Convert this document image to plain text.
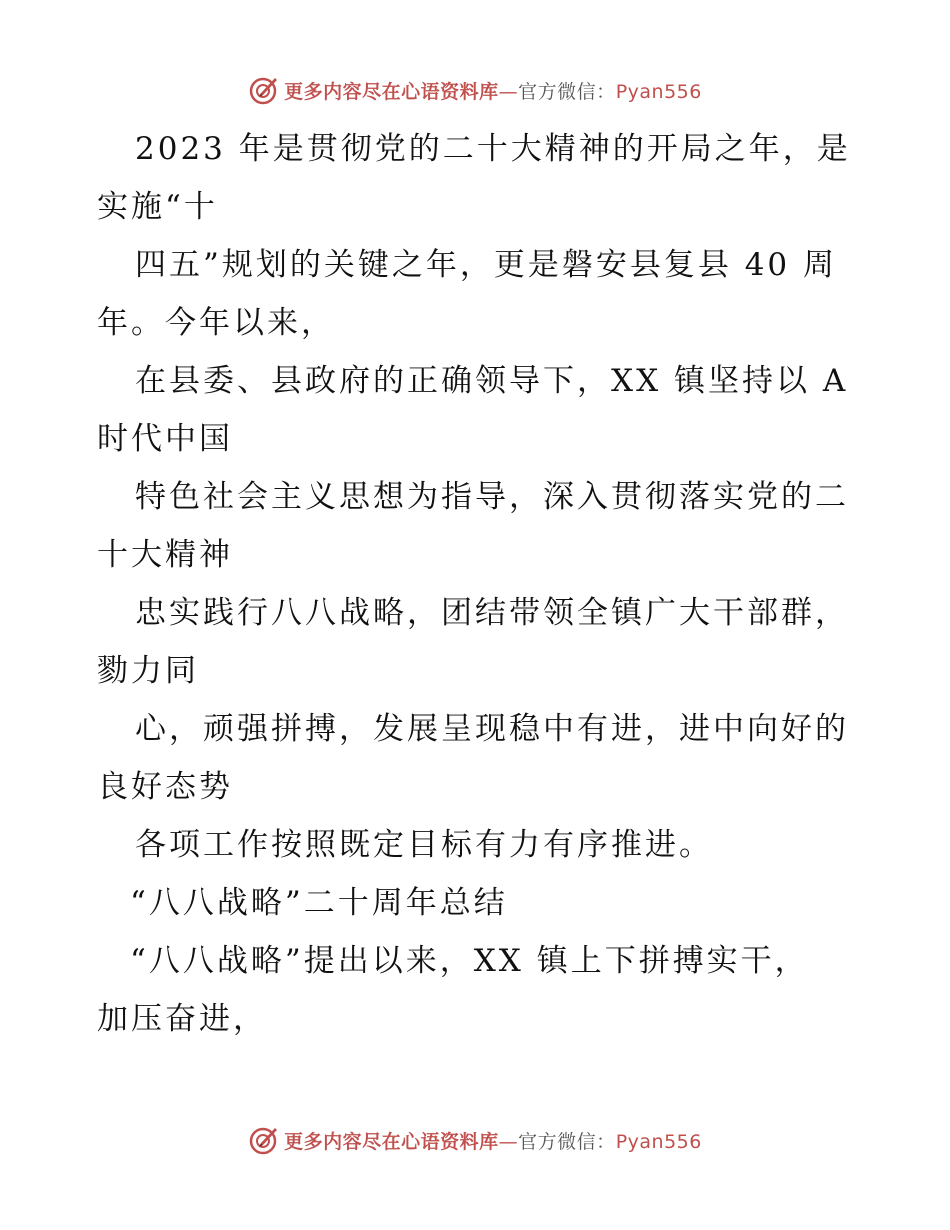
更多内容尽在心语资料库—官方微信：Pyan556
2023 年是贯彻党的二十大精神的开局之年，是
实施“十
四五”规划的关键之年，更是磐安县复县 40 周
年。今年以来，
在县委、县政府的正确领导下，XX 镇坚持以 A
时代中国
特色社会主义思想为指导，深入贯彻落实党的二
十大精神
忠实践行八八战略，团结带领全镇广大干部群，
勠力同
心，顽强拼搏，发展呈现稳中有进，进中向好的
良好态势
各项工作按照既定目标有力有序推进。
“八八战略”二十周年总结
“八八战略”提出以来，XX 镇上下拼搏实干，
加压奋进，
更多内容尽在心语资料库—官方微信：Pyan556
